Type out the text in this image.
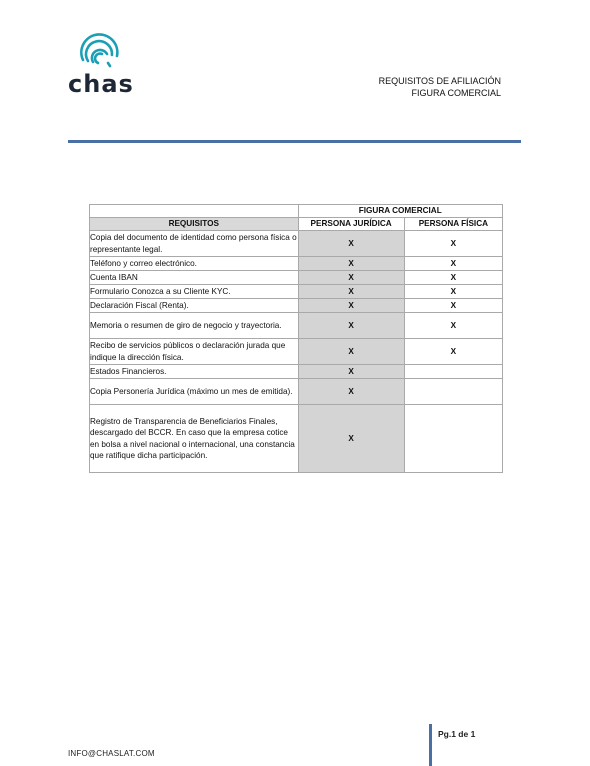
chas	REQUISITOS DE AFILIACIÓN
FIGURA COMERCIAL
	FIGURA COMERCIAL	
REQUISITOS	PERSONA JURÍDICA	PERSONA FÍSICA
Copia del documento de identidad como persona física o representante legal.	X	X
Teléfono y correo electrónico.	X	X
Cuenta IBAN	X	X
Formulario Conozca a su Cliente KYC.	X	X
Declaración Fiscal (Renta).	X	X
Memoria o resumen de giro de negocio y trayectoria.	X	X
Recibo de servicios públicos o declaración jurada que indique la dirección física.	X	X
Estados Financieros.	X	
Copia Personería Jurídica (máximo un mes de emitida).	X	
Registro de Transparencia de Beneficiarios Finales, descargado del BCCR. En caso que la empresa cotice en bolsa a nivel nacional o internacional, una constancia que ratifique dicha participación.	X	
Pg.1 de 1
INFO@CHASLAT.COM
